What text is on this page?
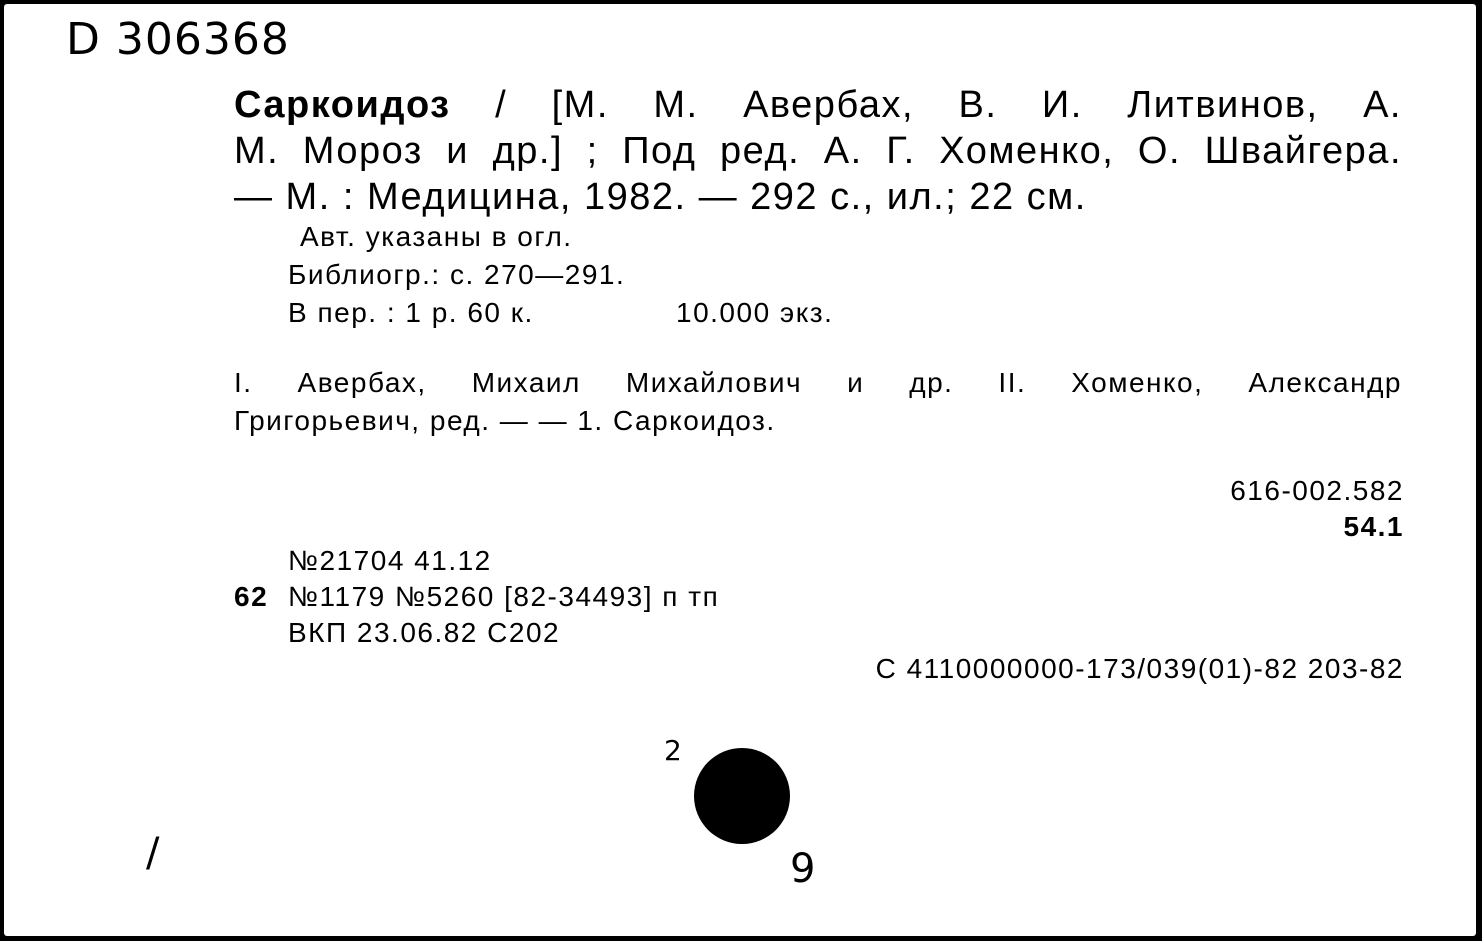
D 306368
Саркоидоз / [М. М. Авербах, В. И. Литвинов, А.
М. Мороз и др.] ; Под ред. А. Г. Хоменко, О. Швайгера.
— М. : Медицина, 1982. — 292 с., ил.; 22 см.
Авт. указаны в огл.
Библиогр.: с. 270—291.
В пер. : 1 р. 60 к.	10.000 экз.
I. Авербах, Михаил Михайлович и др. II. Хоменко, Александр
Григорьевич, ред. — — 1. Саркоидоз.
616-002.582
54.1
№21704 41.12
62 №1179 №5260 [82-34493] п тп
ВКП 23.06.82 С202
С 4110000000-173/039(01)-82 203-82
2
9
/
